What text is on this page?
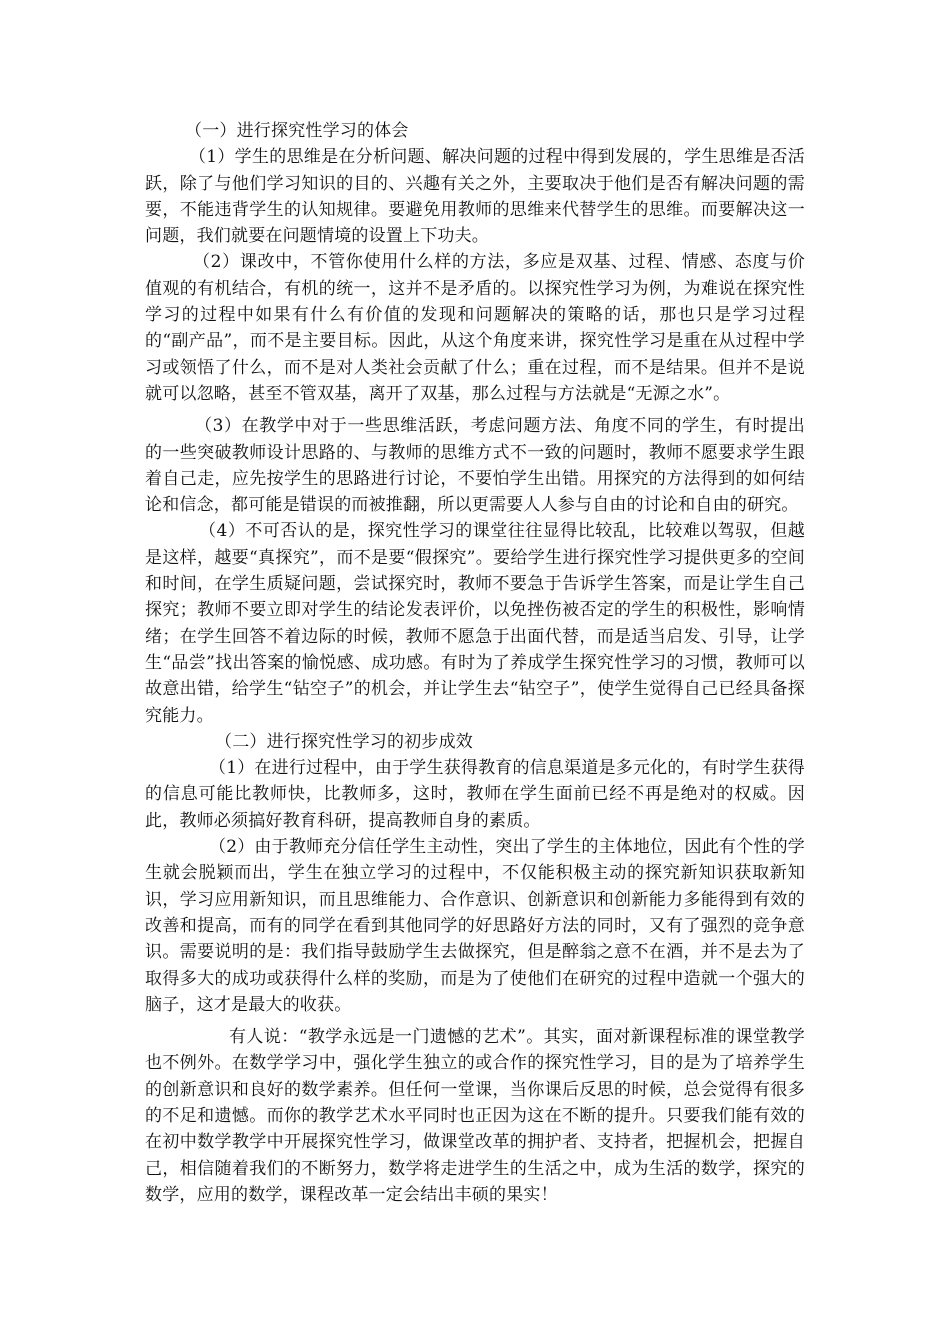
（一）进行探究性学习的体会

（1）学生的思维是在分析问题、解决问题的过程中得到发展的，学生思维是否活跃，除了与他们学习知识的目的、兴趣有关之外，主要取决于他们是否有解决问题的需要，不能违背学生的认知规律。要避免用教师的思维来代替学生的思维。而要解决这一问题，我们就要在问题情境的设置上下功夫。

（2）课改中，不管你使用什么样的方法，多应是双基、过程、情感、态度与价值观的有机结合，有机的统一，这并不是矛盾的。以探究性学习为例，为难说在探究性学习的过程中如果有什么有价值的发现和问题解决的策略的话，那也只是学习过程的“副产品”，而不是主要目标。因此，从这个角度来讲，探究性学习是重在从过程中学习或领悟了什么，而不是对人类社会贡献了什么；重在过程，而不是结果。但并不是说就可以忽略，甚至不管双基，离开了双基，那么过程与方法就是“无源之水”。

（3）在教学中对于一些思维活跃，考虑问题方法、角度不同的学生，有时提出的一些突破教师设计思路的、与教师的思维方式不一致的问题时，教师不愿要求学生跟着自己走，应先按学生的思路进行讨论，不要怕学生出错。用探究的方法得到的如何结论和信念，都可能是错误的而被推翻，所以更需要人人参与自由的讨论和自由的研究。

（4）不可否认的是，探究性学习的课堂往往显得比较乱，比较难以驾驭，但越是这样，越要“真探究”，而不是要“假探究”。要给学生进行探究性学习提供更多的空间和时间，在学生质疑问题，尝试探究时，教师不要急于告诉学生答案，而是让学生自己探究；教师不要立即对学生的结论发表评价，以免挫伤被否定的学生的积极性，影响情绪；在学生回答不着边际的时候，教师不愿急于出面代替，而是适当启发、引导，让学生“品尝”找出答案的愉悦感、成功感。有时为了养成学生探究性学习的习惯，教师可以故意出错，给学生“钻空子”的机会，并让学生去“钻空子”，使学生觉得自己已经具备探究能力。

（二）进行探究性学习的初步成效

（1）在进行过程中，由于学生获得教育的信息渠道是多元化的，有时学生获得的信息可能比教师快，比教师多，这时，教师在学生面前已经不再是绝对的权威。因此，教师必须搞好教育科研，提高教师自身的素质。

（2）由于教师充分信任学生主动性，突出了学生的主体地位，因此有个性的学生就会脱颖而出，学生在独立学习的过程中，不仅能积极主动的探究新知识获取新知识，学习应用新知识，而且思维能力、合作意识、创新意识和创新能力多能得到有效的改善和提高，而有的同学在看到其他同学的好思路好方法的同时，又有了强烈的竞争意识。需要说明的是：我们指导鼓励学生去做探究，但是醉翁之意不在酒，并不是去为了取得多大的成功或获得什么样的奖励，而是为了使他们在研究的过程中造就一个强大的脑子，这才是最大的收获。

有人说：“教学永远是一门遗憾的艺术”。其实，面对新课程标准的课堂教学也不例外。在数学学习中，强化学生独立的或合作的探究性学习，目的是为了培养学生的创新意识和良好的数学素养。但任何一堂课，当你课后反思的时候，总会觉得有很多的不足和遗憾。而你的教学艺术水平同时也正因为这在不断的提升。只要我们能有效的在初中数学教学中开展探究性学习，做课堂改革的拥护者、支持者，把握机会，把握自己，相信随着我们的不断努力，数学将走进学生的生活之中，成为生活的数学，探究的数学，应用的数学，课程改革一定会结出丰硕的果实！
